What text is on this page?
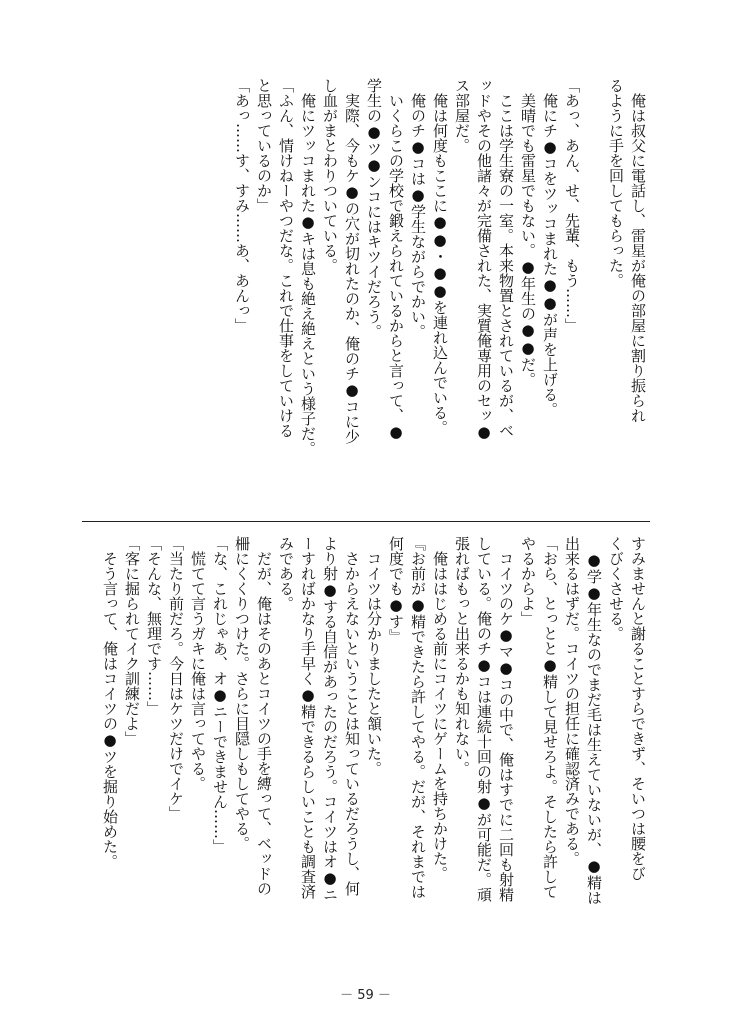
　俺は叔父に電話し、雷星が俺の部屋に割り振られ

るように手を回してもらった。

「あっ、あん、せ、先輩、もう……」

　俺にチ●コをツッコまれた●●が声を上げる。

　美晴でも雷星でもない。●年生の●●だ。

　ここは学生寮の一室。本来物置とされているが、ベ

ッドやその他諸々が完備された、実質俺専用のセッ●

ス部屋だ。

　俺は何度もここに●●・●●を連れ込んでいる。

　俺のチ●コは●学生ながらでかい。

　いくらこの学校で鍛えられているからと言って、●

学生の●ツ●ンコにはキツイだろう。

　実際、今もケ●の穴が切れたのか、俺のチ●コに少

し血がまとわりついている。

　俺にツッコまれた●キは息も絶え絶えという様子だ。

「ふん、情けねーやつだな。これで仕事をしていける

と思っているのか」

「あっ……す、すみ……あ、あんっ」

すみませんと謝ることすらできず、そいつは腰をび

くびくさせる。

　●学●年生なのでまだ毛は生えていないが、●精は

出来るはずだ。コイツの担任に確認済みである。

「おら、とっとと●精して見せろよ。そしたら許して

やるからよ」

　コイツのケ●マ●コの中で、俺はすでに二回も射精

している。俺のチ●コは連続十回の射●が可能だ。頑

張ればもっと出来るかも知れない。

　俺ははじめる前にコイツにゲームを持ちかけた。

『お前が●精できたら許してやる。だが、それまでは

何度でも●す』

　コイツは分かりましたと頷いた。

　さからえないということは知っているだろうし、何

より射●する自信があったのだろう。コイツはオ●ニ

ーすればかなり手早く●精できるらしいことも調査済

みである。

　だが、俺はそのあとコイツの手を縛って、ベッドの

柵にくくりつけた。さらに目隠しもしてやる。

「な、これじゃあ、オ●ニーできません……」

　慌てて言うガキに俺は言ってやる。

「当たり前だろ。今日はケツだけでイケ」

「そんな、無理です……」

「客に掘られてイク訓練だよ」

　そう言って、俺はコイツの●ツを掘り始めた。

－ 59 －
